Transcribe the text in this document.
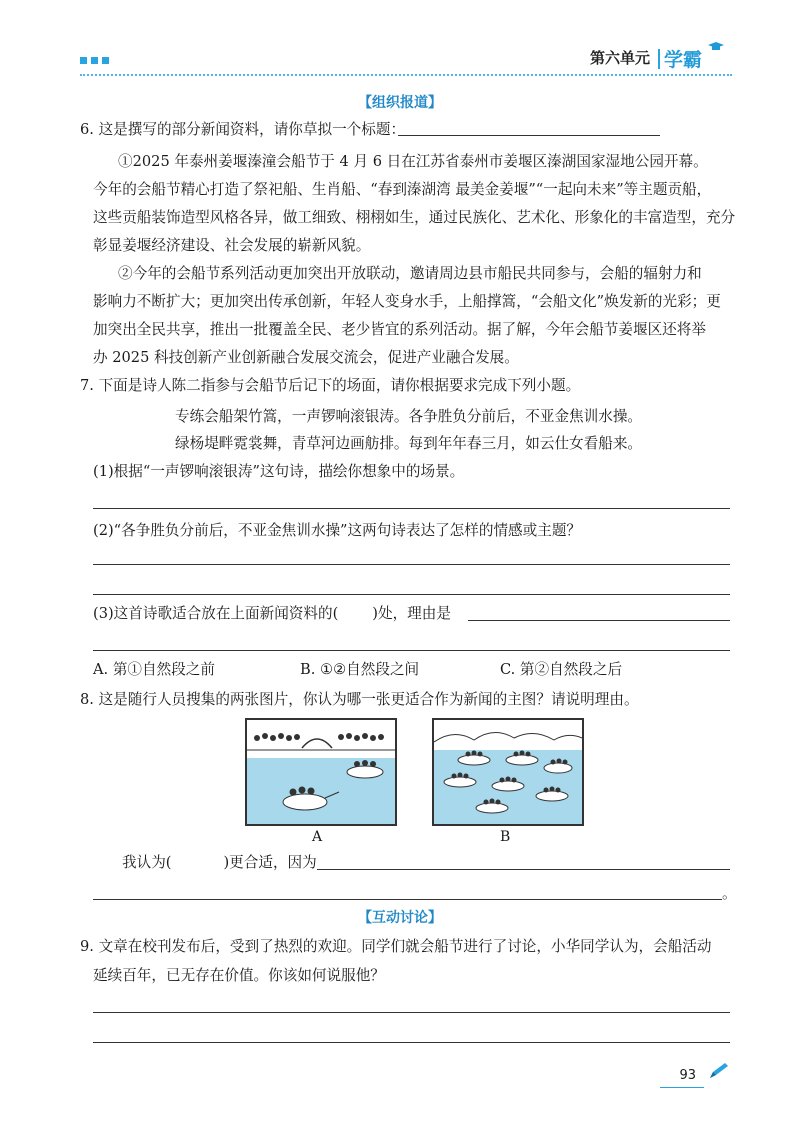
第六单元 学霸
【组织报道】
6. 这是撰写的部分新闻资料，请你草拟一个标题：
①2025 年泰州姜堰溱潼会船节于 4 月 6 日在江苏省泰州市姜堰区溱湖国家湿地公园开幕。
今年的会船节精心打造了祭祀船、生肖船、“春到溱湖湾 最美金姜堰”“一起向未来”等主题贡船，
这些贡船装饰造型风格各异，做工细致、栩栩如生，通过民族化、艺术化、形象化的丰富造型，充分
彰显姜堰经济建设、社会发展的崭新风貌。
②今年的会船节系列活动更加突出开放联动，邀请周边县市船民共同参与，会船的辐射力和
影响力不断扩大；更加突出传承创新，年轻人变身水手，上船撑篙，“会船文化”焕发新的光彩；更
加突出全民共享，推出一批覆盖全民、老少皆宜的系列活动。据了解，今年会船节姜堰区还将举
办 2025 科技创新产业创新融合发展交流会，促进产业融合发展。
7. 下面是诗人陈二指参与会船节后记下的场面，请你根据要求完成下列小题。
专练会船架竹篙，一声锣响滚银涛。各争胜负分前后，不亚金焦训水操。
绿杨堤畔霓裳舞，青草河边画舫排。每到年年春三月，如云仕女看船来。
(1)根据“一声锣响滚银涛”这句诗，描绘你想象中的场景。
(2)“各争胜负分前后，不亚金焦训水操”这两句诗表达了怎样的情感或主题？
(3)这首诗歌适合放在上面新闻资料的( )处，理由是
A. 第①自然段之前	B. ①②自然段之间	C. 第②自然段之后
8. 这是随行人员搜集的两张图片，你认为哪一张更适合作为新闻的主图？请说明理由。
A	B
我认为(	)更合适，因为
。
【互动讨论】
9. 文章在校刊发布后，受到了热烈的欢迎。同学们就会船节进行了讨论，小华同学认为，会船活动
延续百年，已无存在价值。你该如何说服他？
93
